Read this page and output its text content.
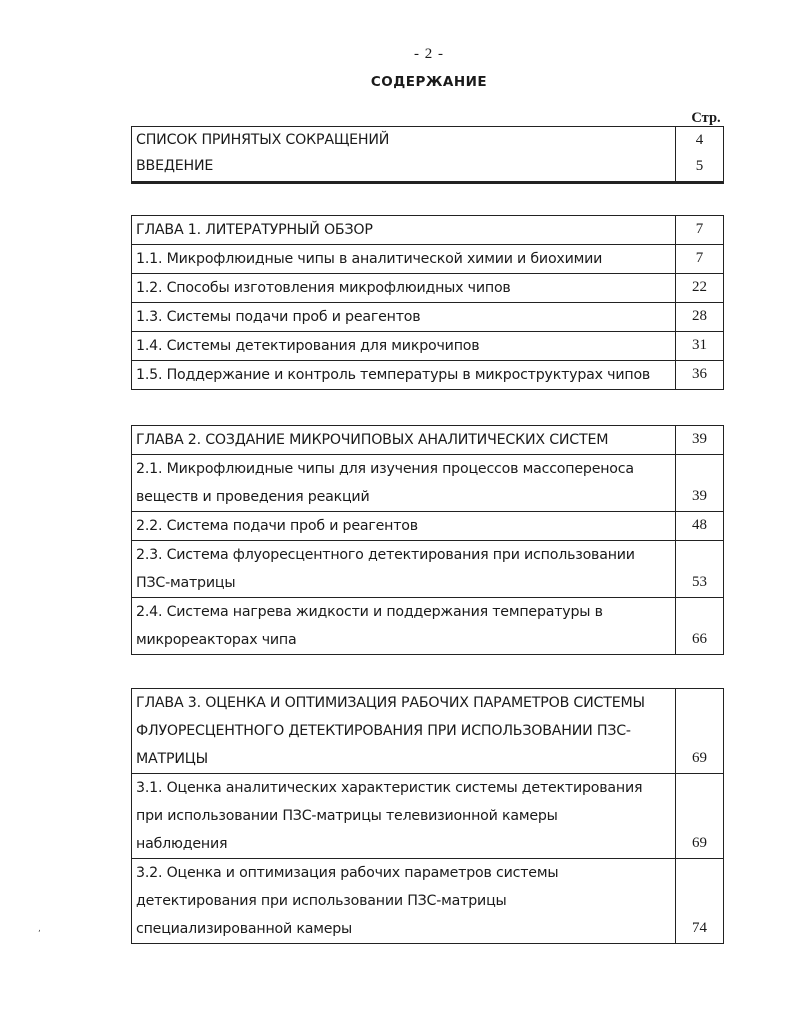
- 2 -
СОДЕРЖАНИЕ
Стр.
СПИСОК ПРИНЯТЫХ СОКРАЩЕНИЙ	4

ВВЕДЕНИЕ	5
ГЛАВА 1. ЛИТЕРАТУРНЫЙ ОБЗОР	7

1.1. Микрофлюидные чипы в аналитической химии и биохимии	7

1.2. Способы изготовления микрофлюидных чипов	22

1.3. Системы подачи проб и реагентов	28

1.4. Системы детектирования для микрочипов	31

1.5. Поддержание и контроль температуры в микроструктурах чипов	36
ГЛАВА 2. СОЗДАНИЕ МИКРОЧИПОВЫХ АНАЛИТИЧЕСКИХ СИСТЕМ	39

2.1. Микрофлюидные чипы для изучения процессов массопереноса
веществ и проведения реакций	39

2.2. Система подачи проб и реагентов	48

2.3. Система флуоресцентного детектирования при использовании
ПЗС-матрицы	53

2.4. Система нагрева жидкости и поддержания температуры в
микрореакторах чипа	66
ГЛАВА 3. ОЦЕНКА И ОПТИМИЗАЦИЯ РАБОЧИХ ПАРАМЕТРОВ СИСТЕМЫ
ФЛУОРЕСЦЕНТНОГО ДЕТЕКТИРОВАНИЯ ПРИ ИСПОЛЬЗОВАНИИ ПЗС-
МАТРИЦЫ	69

3.1. Оценка аналитических характеристик системы детектирования
при использовании ПЗС-матрицы телевизионной камеры
наблюдения	69

3.2. Оценка и оптимизация рабочих параметров системы
детектирования при использовании ПЗС-матрицы
специализированной камеры	74
,
